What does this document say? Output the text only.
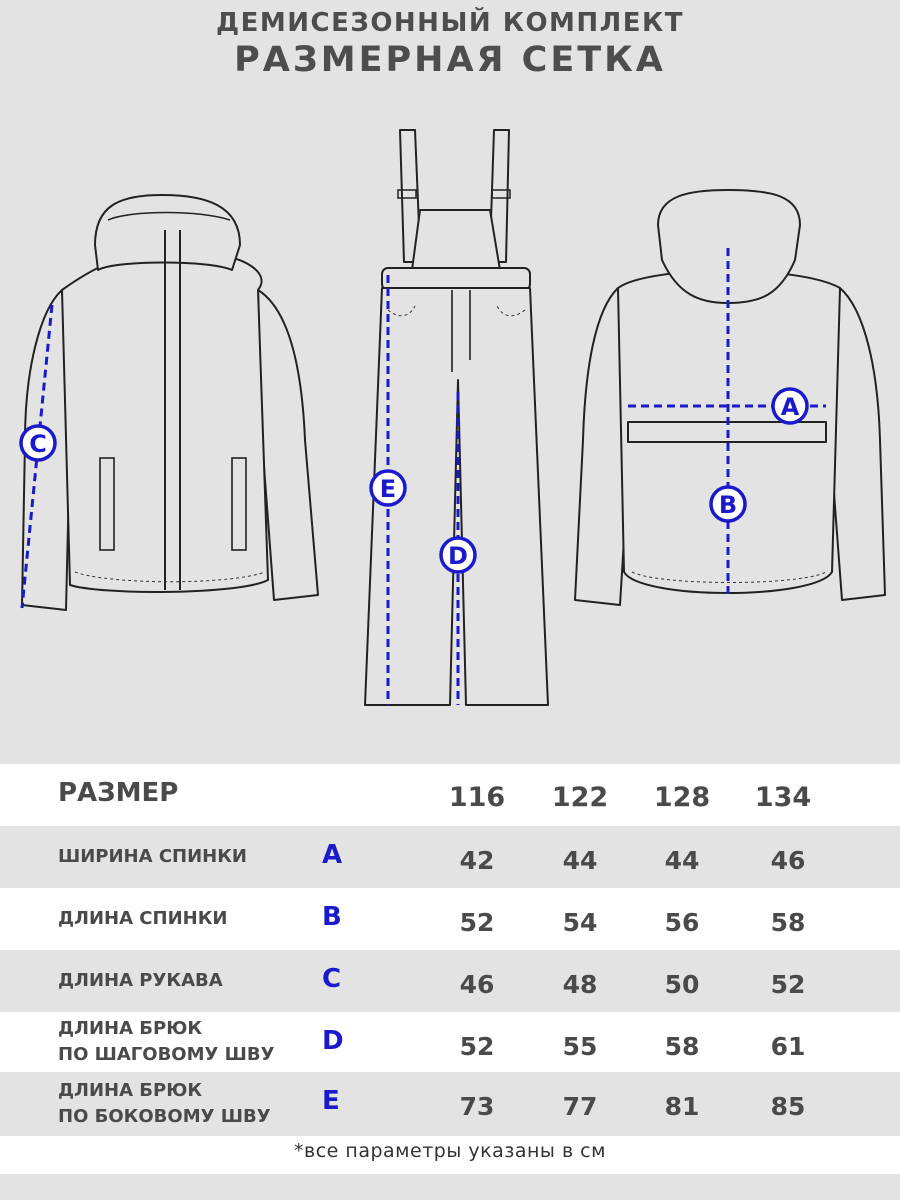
ДЕМИСЕЗОННЫЙ КОМПЛЕКТ
РАЗМЕРНАЯ СЕТКА
C
E
D
A
B
РАЗМЕР	116	122	128	134
ШИРИНА СПИНКИ	A	42	44	44	46
ДЛИНА СПИНКИ	B	52	54	56	58
ДЛИНА РУКАВА	C	46	48	50	52
ДЛИНА БРЮК
ПО ШАГОВОМУ ШВУ D	52	55	58	61
ДЛИНА БРЮК
ПО БОКОВОМУ ШВУ
E	73	77	81	85
*все параметры указаны в см
